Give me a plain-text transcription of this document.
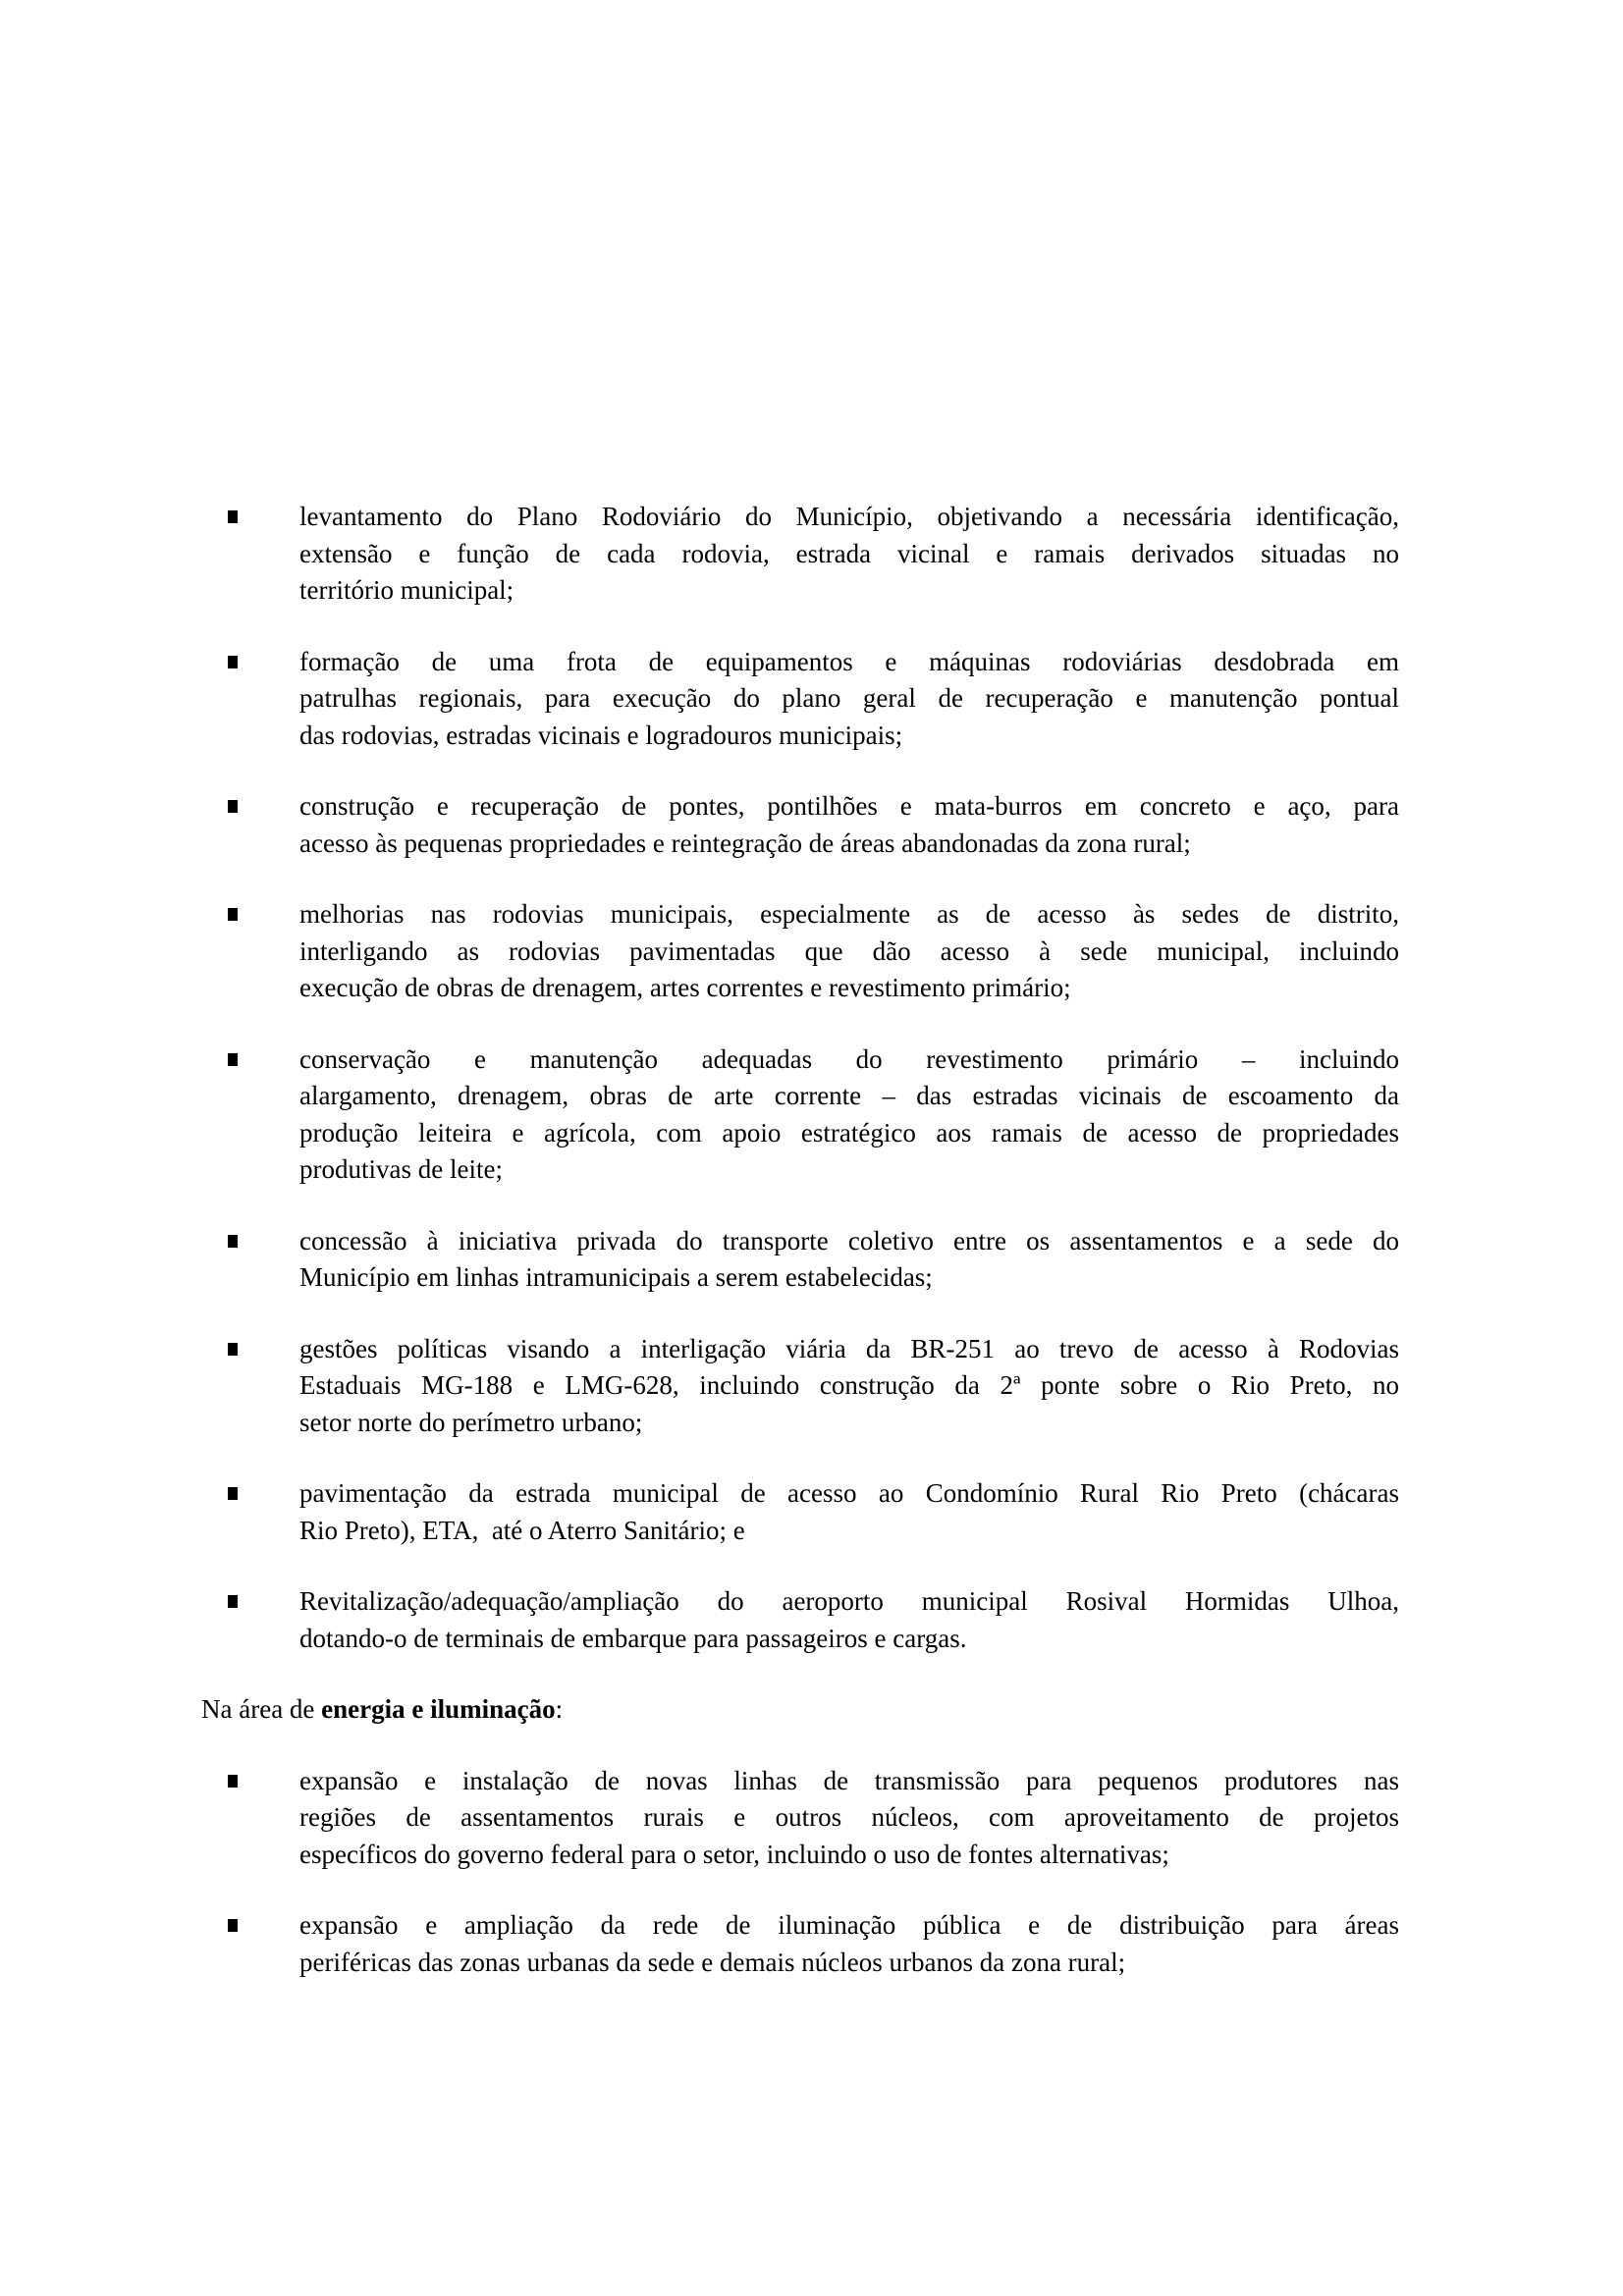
levantamento do Plano Rodoviário do Município, objetivando a necessária identificação,
extensão e função de cada rodovia, estrada vicinal e ramais derivados situadas no
território municipal;
formação de uma frota de equipamentos e máquinas rodoviárias desdobrada em
patrulhas regionais, para execução do plano geral de recuperação e manutenção pontual
das rodovias, estradas vicinais e logradouros municipais;
construção e recuperação de pontes, pontilhões e mata-burros em concreto e aço, para
acesso às pequenas propriedades e reintegração de áreas abandonadas da zona rural;
melhorias nas rodovias municipais, especialmente as de acesso às sedes de distrito,
interligando as rodovias pavimentadas que dão acesso à sede municipal, incluindo
execução de obras de drenagem, artes correntes e revestimento primário;
conservação e manutenção adequadas do revestimento primário – incluindo
alargamento, drenagem, obras de arte corrente – das estradas vicinais de escoamento da
produção leiteira e agrícola, com apoio estratégico aos ramais de acesso de propriedades
produtivas de leite;
concessão à iniciativa privada do transporte coletivo entre os assentamentos e a sede do
Município em linhas intramunicipais a serem estabelecidas;
gestões políticas visando a interligação viária da BR-251 ao trevo de acesso à Rodovias
Estaduais MG-188 e LMG-628, incluindo construção da 2ª ponte sobre o Rio Preto, no
setor norte do perímetro urbano;
pavimentação da estrada municipal de acesso ao Condomínio Rural Rio Preto (chácaras
Rio Preto), ETA,  até o Aterro Sanitário; e
Revitalização/adequação/ampliação do aeroporto municipal Rosival Hormidas Ulhoa,
dotando-o de terminais de embarque para passageiros e cargas.
Na área de energia e iluminação:
expansão e instalação de novas linhas de transmissão para pequenos produtores nas
regiões de assentamentos rurais e outros núcleos, com aproveitamento de projetos
específicos do governo federal para o setor, incluindo o uso de fontes alternativas;
expansão e ampliação da rede de iluminação pública e de distribuição para áreas
periféricas das zonas urbanas da sede e demais núcleos urbanos da zona rural;
